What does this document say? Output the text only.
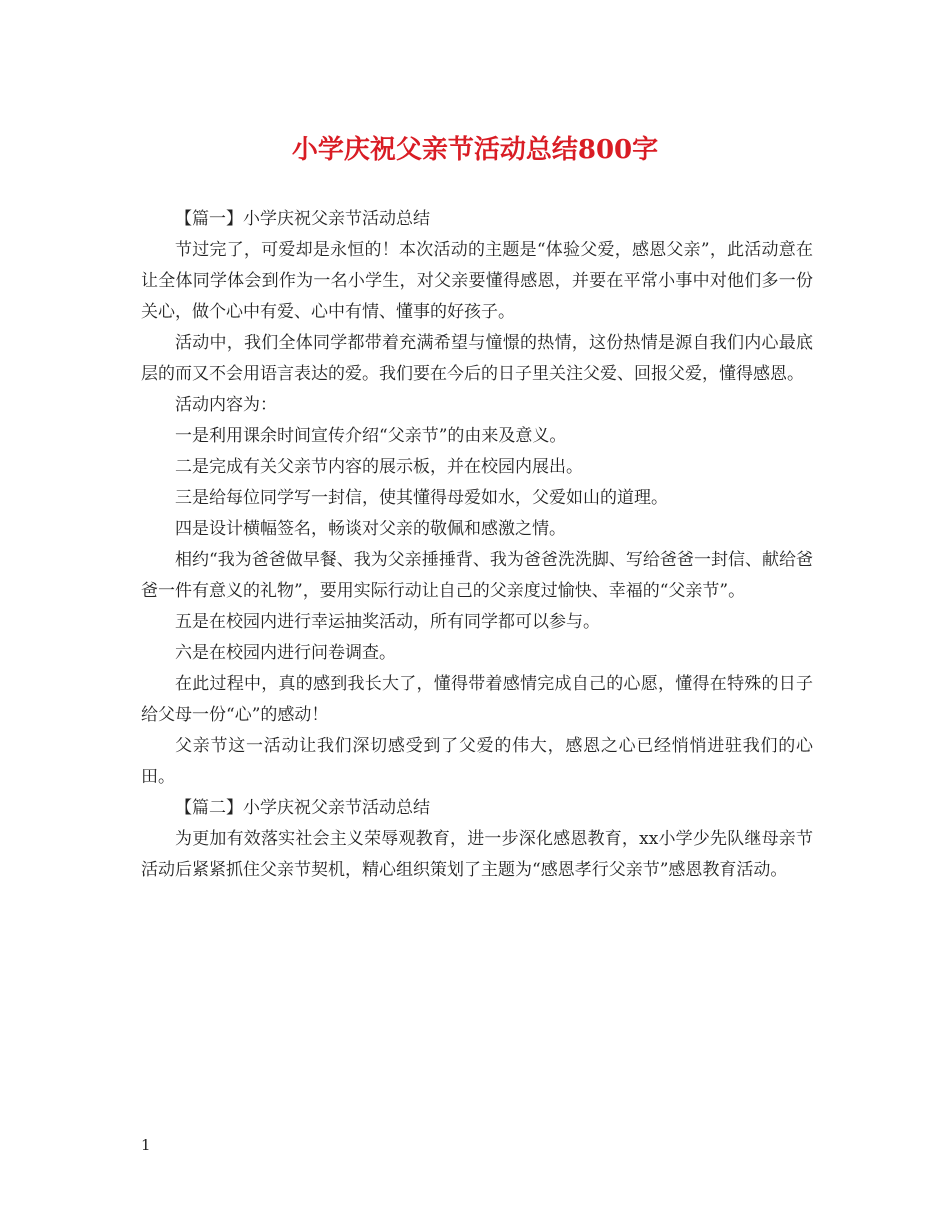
小学庆祝父亲节活动总结800字

【篇一】小学庆祝父亲节活动总结

节过完了，可爱却是永恒的！本次活动的主题是“体验父爱，感恩父亲”，此活动意在让全体同学体会到作为一名小学生，对父亲要懂得感恩，并要在平常小事中对他们多一份关心，做个心中有爱、心中有情、懂事的好孩子。

活动中，我们全体同学都带着充满希望与憧憬的热情，这份热情是源自我们内心最底层的而又不会用语言表达的爱。我们要在今后的日子里关注父爱、回报父爱，懂得感恩。

活动内容为：

一是利用课余时间宣传介绍“父亲节”的由来及意义。

二是完成有关父亲节内容的展示板，并在校园内展出。

三是给每位同学写一封信，使其懂得母爱如水，父爱如山的道理。

四是设计横幅签名，畅谈对父亲的敬佩和感激之情。

相约“我为爸爸做早餐、我为父亲捶捶背、我为爸爸洗洗脚、写给爸爸一封信、献给爸爸一件有意义的礼物”，要用实际行动让自己的父亲度过愉快、幸福的“父亲节”。

五是在校园内进行幸运抽奖活动，所有同学都可以参与。

六是在校园内进行问卷调查。

在此过程中，真的感到我长大了，懂得带着感情完成自己的心愿，懂得在特殊的日子给父母一份“心”的感动！

父亲节这一活动让我们深切感受到了父爱的伟大，感恩之心已经悄悄进驻我们的心田。

【篇二】小学庆祝父亲节活动总结

为更加有效落实社会主义荣辱观教育，进一步深化感恩教育，xx小学少先队继母亲节活动后紧紧抓住父亲节契机，精心组织策划了主题为“感恩孝行父亲节”感恩教育活动。

1
